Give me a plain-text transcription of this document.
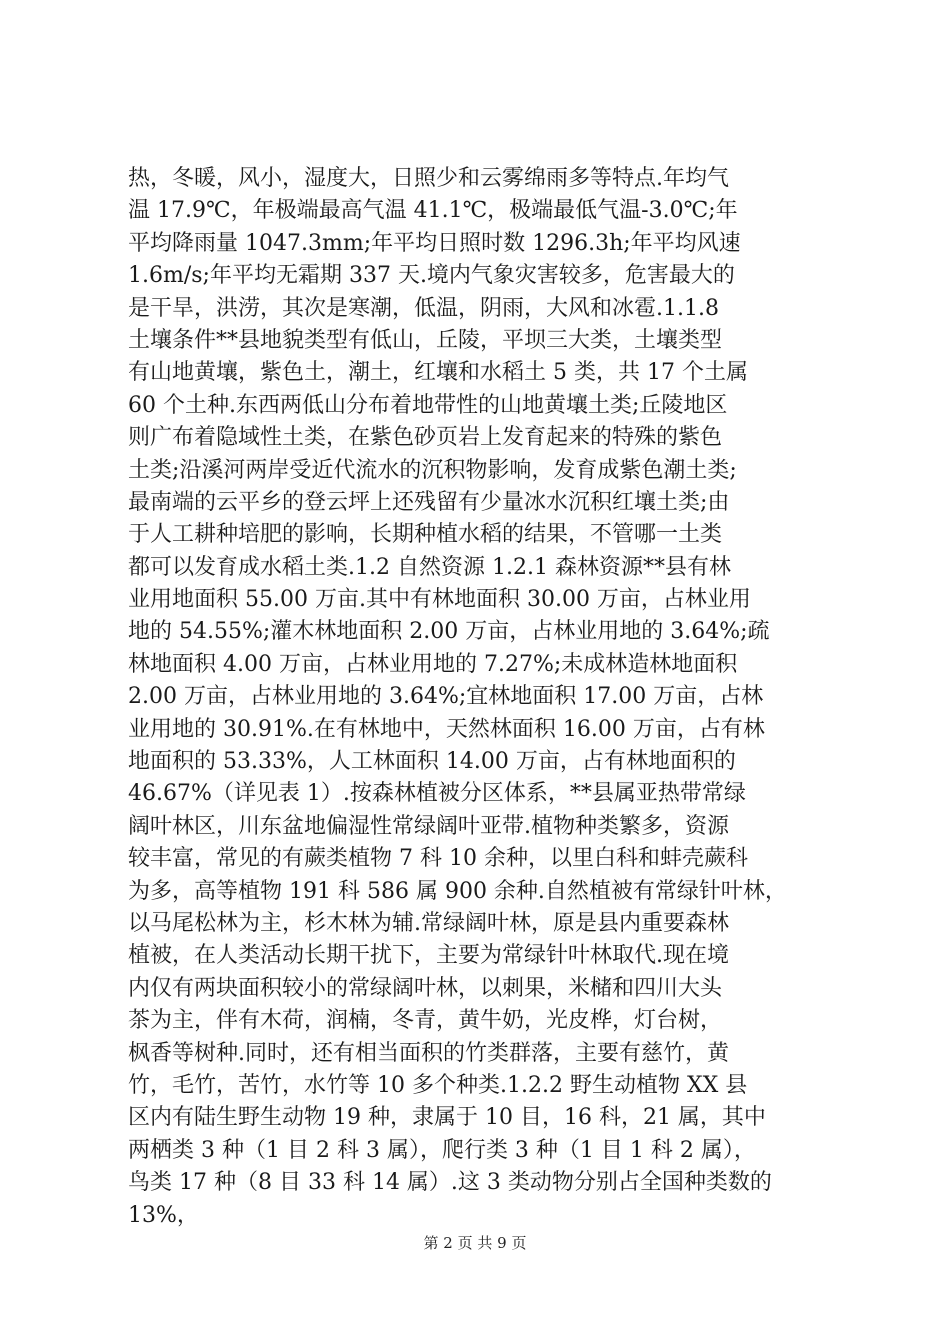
热，冬暖，风小，湿度大，日照少和云雾绵雨多等特点.年均气
温 17.9℃，年极端最高气温 41.1℃，极端最低气温-3.0℃;年
平均降雨量 1047.3mm;年平均日照时数 1296.3h;年平均风速
1.6m/s;年平均无霜期 337 天.境内气象灾害较多，危害最大的
是干旱，洪涝，其次是寒潮，低温，阴雨，大风和冰雹.1.1.8
土壤条件**县地貌类型有低山，丘陵，平坝三大类，土壤类型
有山地黄壤，紫色土，潮土，红壤和水稻土 5 类，共 17 个土属
60 个土种.东西两低山分布着地带性的山地黄壤土类;丘陵地区
则广布着隐域性土类，在紫色砂页岩上发育起来的特殊的紫色
土类;沿溪河两岸受近代流水的沉积物影响，发育成紫色潮土类;
最南端的云平乡的登云坪上还残留有少量冰水沉积红壤土类;由
于人工耕种培肥的影响，长期种植水稻的结果，不管哪一土类
都可以发育成水稻土类.1.2 自然资源 1.2.1 森林资源**县有林
业用地面积 55.00 万亩.其中有林地面积 30.00 万亩，占林业用
地的 54.55%;灌木林地面积 2.00 万亩，占林业用地的 3.64%;疏
林地面积 4.00 万亩，占林业用地的 7.27%;未成林造林地面积
2.00 万亩，占林业用地的 3.64%;宜林地面积 17.00 万亩，占林
业用地的 30.91%.在有林地中，天然林面积 16.00 万亩，占有林
地面积的 53.33%，人工林面积 14.00 万亩，占有林地面积的
46.67%（详见表 1）.按森林植被分区体系，**县属亚热带常绿
阔叶林区，川东盆地偏湿性常绿阔叶亚带.植物种类繁多，资源
较丰富，常见的有蕨类植物 7 科 10 余种，以里白科和蚌壳蕨科
为多，高等植物 191 科 586 属 900 余种.自然植被有常绿针叶林，
以马尾松林为主，杉木林为辅.常绿阔叶林，原是县内重要森林
植被，在人类活动长期干扰下，主要为常绿针叶林取代.现在境
内仅有两块面积较小的常绿阔叶林，以刺果，米槠和四川大头
茶为主，伴有木荷，润楠，冬青，黄牛奶，光皮桦，灯台树，
枫香等树种.同时，还有相当面积的竹类群落，主要有慈竹，黄
竹，毛竹，苦竹，水竹等 10 多个种类.1.2.2 野生动植物 XX 县
区内有陆生野生动物 19 种，隶属于 10 目，16 科，21 属，其中
两栖类 3 种（1 目 2 科 3 属），爬行类 3 种（1 目 1 科 2 属），
鸟类 17 种（8 目 33 科 14 属）.这 3 类动物分别占全国种类数的
13%，
第 2 页 共 9 页
